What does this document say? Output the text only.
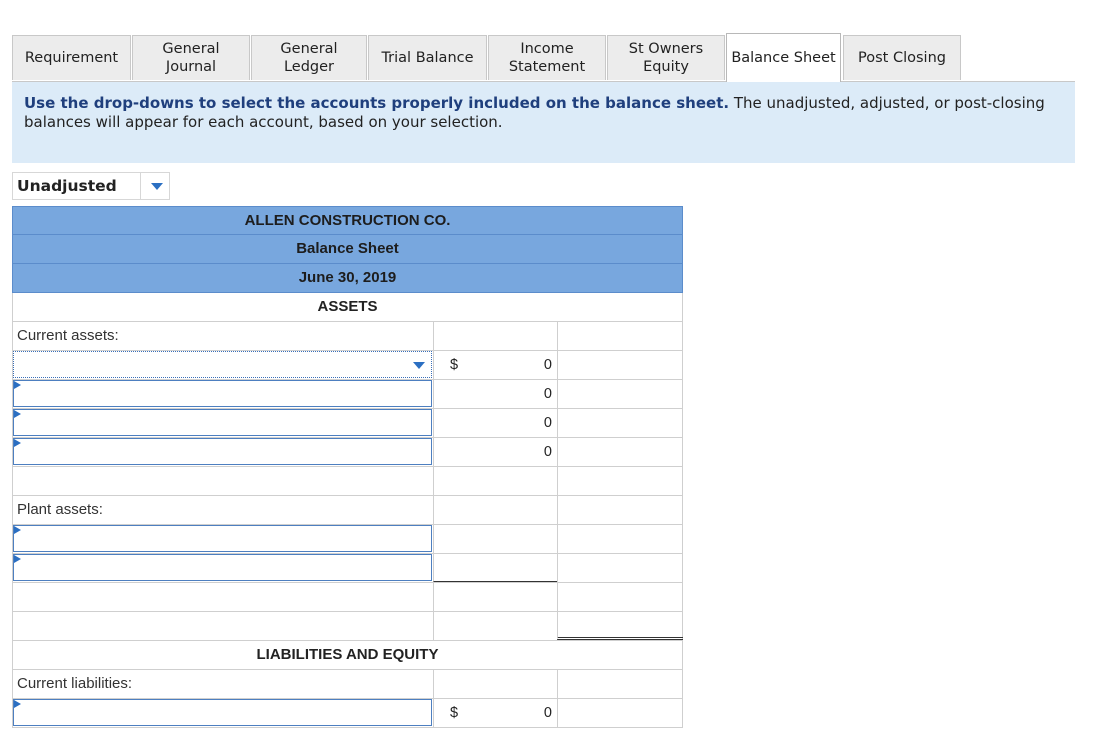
Requirement
General
Journal
General
Ledger
Trial Balance
Income
Statement
St Owners
Equity
Balance Sheet Post Closing
Use the drop-downs to select the accounts properly included on the balance sheet. The unadjusted, adjusted, or post-closing balances will appear for each account, based on your selection.
Unadjusted
ALLEN CONSTRUCTION CO.
Balance Sheet
June 30, 2019
ASSETS
Current assets:
$	0
0
0
0
Plant assets:
LIABILITIES AND EQUITY
Current liabilities:
$	0
